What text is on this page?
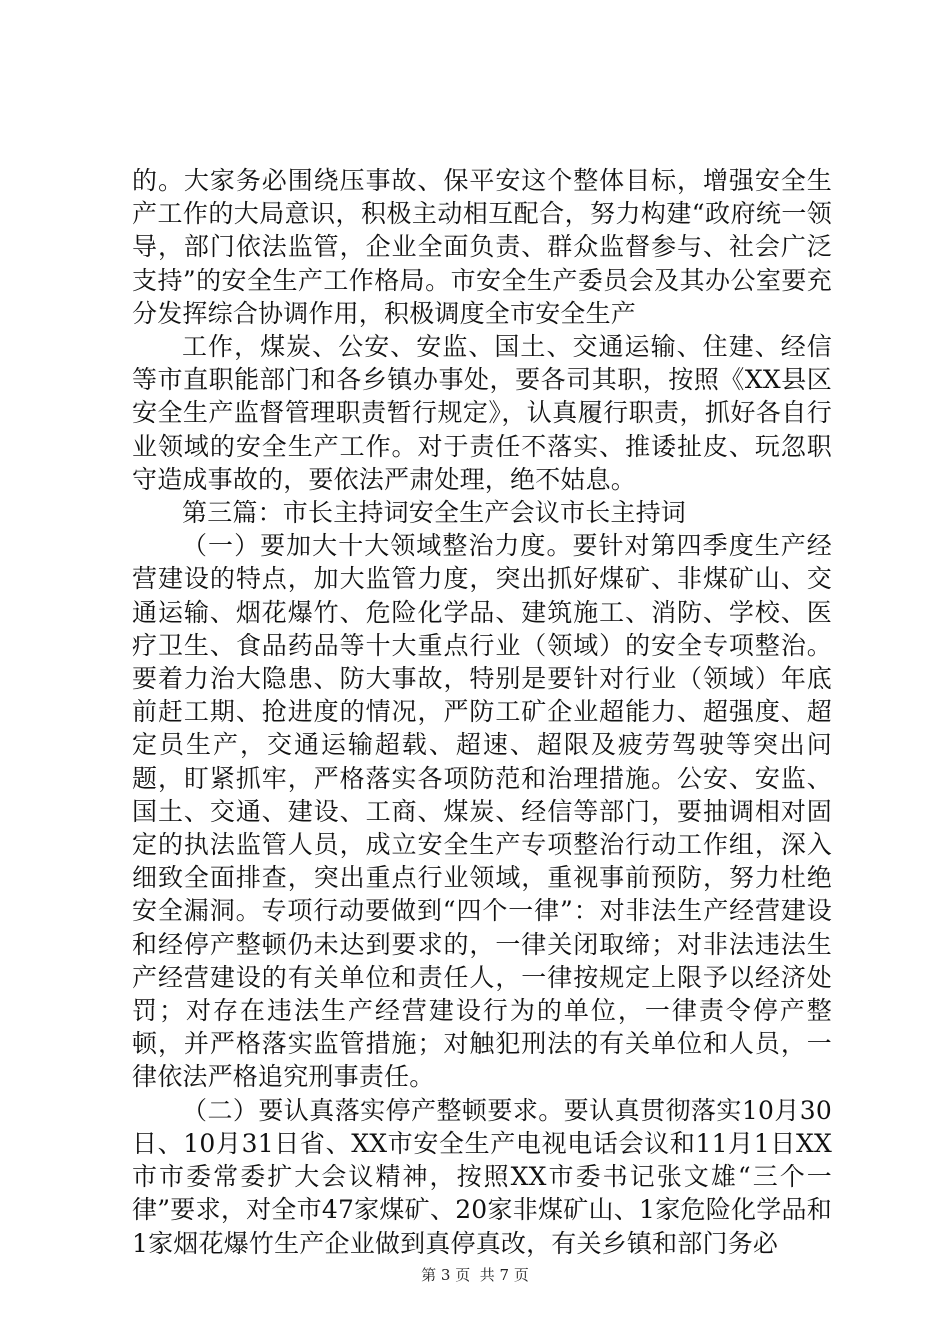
的。大家务必围绕压事故、保平安这个整体目标，增强安全生产工作的大局意识，积极主动相互配合，努力构建“政府统一领导，部门依法监管，企业全面负责、群众监督参与、社会广泛支持”的安全生产工作格局。市安全生产委员会及其办公室要充分发挥综合协调作用，积极调度全市安全生产

工作，煤炭、公安、安监、国土、交通运输、住建、经信等市直职能部门和各乡镇办事处，要各司其职，按照《XX县区安全生产监督管理职责暂行规定》，认真履行职责，抓好各自行业领域的安全生产工作。对于责任不落实、推诿扯皮、玩忽职守造成事故的，要依法严肃处理，绝不姑息。

第三篇：市长主持词安全生产会议市长主持词

（一）要加大十大领域整治力度。要针对第四季度生产经营建设的特点，加大监管力度，突出抓好煤矿、非煤矿山、交通运输、烟花爆竹、危险化学品、建筑施工、消防、学校、医疗卫生、食品药品等十大重点行业（领域）的安全专项整治。要着力治大隐患、防大事故，特别是要针对行业（领域）年底前赶工期、抢进度的情况，严防工矿企业超能力、超强度、超定员生产，交通运输超载、超速、超限及疲劳驾驶等突出问题，盯紧抓牢，严格落实各项防范和治理措施。公安、安监、国土、交通、建设、工商、煤炭、经信等部门，要抽调相对固定的执法监管人员，成立安全生产专项整治行动工作组，深入细致全面排查，突出重点行业领域，重视事前预防，努力杜绝安全漏洞。专项行动要做到“四个一律”：对非法生产经营建设和经停产整顿仍未达到要求的，一律关闭取缔；对非法违法生产经营建设的有关单位和责任人，一律按规定上限予以经济处罚；对存在违法生产经营建设行为的单位，一律责令停产整顿，并严格落实监管措施；对触犯刑法的有关单位和人员，一律依法严格追究刑事责任。

（二）要认真落实停产整顿要求。要认真贯彻落实10月30日、10月31日省、XX市安全生产电视电话会议和11月1日XX市市委常委扩大会议精神，按照XX市委书记张文雄“三个一律”要求，对全市47家煤矿、20家非煤矿山、1家危险化学品和1家烟花爆竹生产企业做到真停真改，有关乡镇和部门务必

第 3 页  共 7 页
